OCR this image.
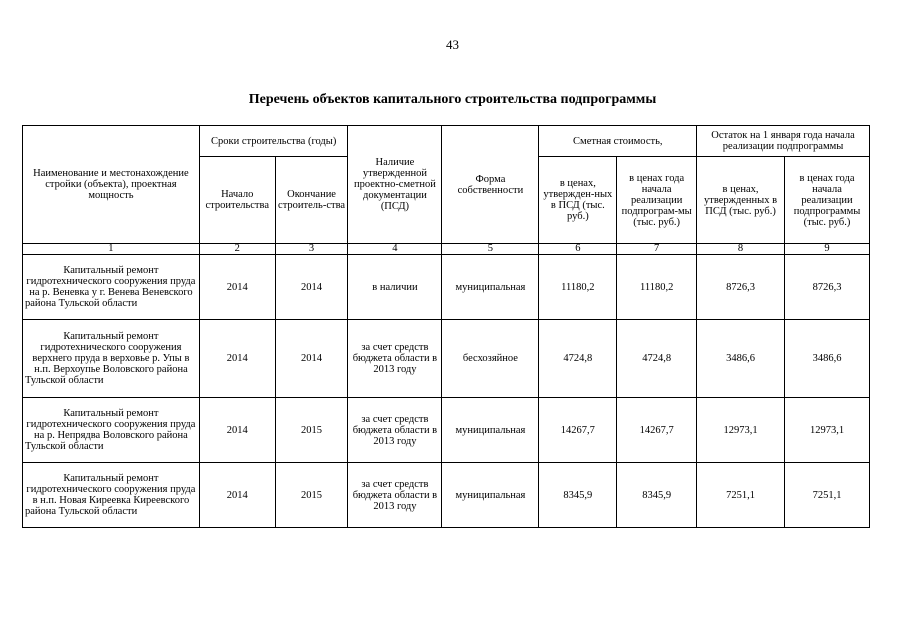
43
Перечень объектов капитального строительства подпрограммы
Наименование и местонахождение стройки (объекта), проектная мощность	Сроки строительства (годы)		Наличие утвержденной проектно-сметной документации (ПСД)	Форма собственности	Сметная стоимость,		Остаток на 1 января года начала реализации подпрограммы	
	Начало строительства	Окончание строитель-ства			в ценах, утвержден-ных в ПСД (тыс. руб.)	в ценах года начала реализации подпрограм-мы (тыс. руб.)	в ценах, утвержденных в ПСД (тыс. руб.)	в ценах года начала реализации подпрограммы (тыс. руб.)
1	2	3	4	5	6	7	8	9
Капитальный ремонт гидротехнического сооружения пруда на р. Веневка у г. Венева Веневского района Тульской области	2014	2014	в наличии	муниципальная	11180,2	11180,2	8726,3	8726,3
Капитальный ремонт гидротехнического сооружения верхнего пруда в верховье р. Упы в н.п. Верхоупье Воловского района Тульской области	2014	2014	за счет средств бюджета области в 2013 году	бесхозяйное	4724,8	4724,8	3486,6	3486,6
Капитальный ремонт гидротехнического сооружения пруда на р. Непрядва Воловского района Тульской области	2014	2015	за счет средств бюджета области в 2013 году	муниципальная	14267,7	14267,7	12973,1	12973,1
Капитальный ремонт гидротехнического сооружения пруда в н.п. Новая Киреевка Киреевского района Тульской области	2014	2015	за счет средств бюджета области в 2013 году	муниципальная	8345,9	8345,9	7251,1	7251,1
